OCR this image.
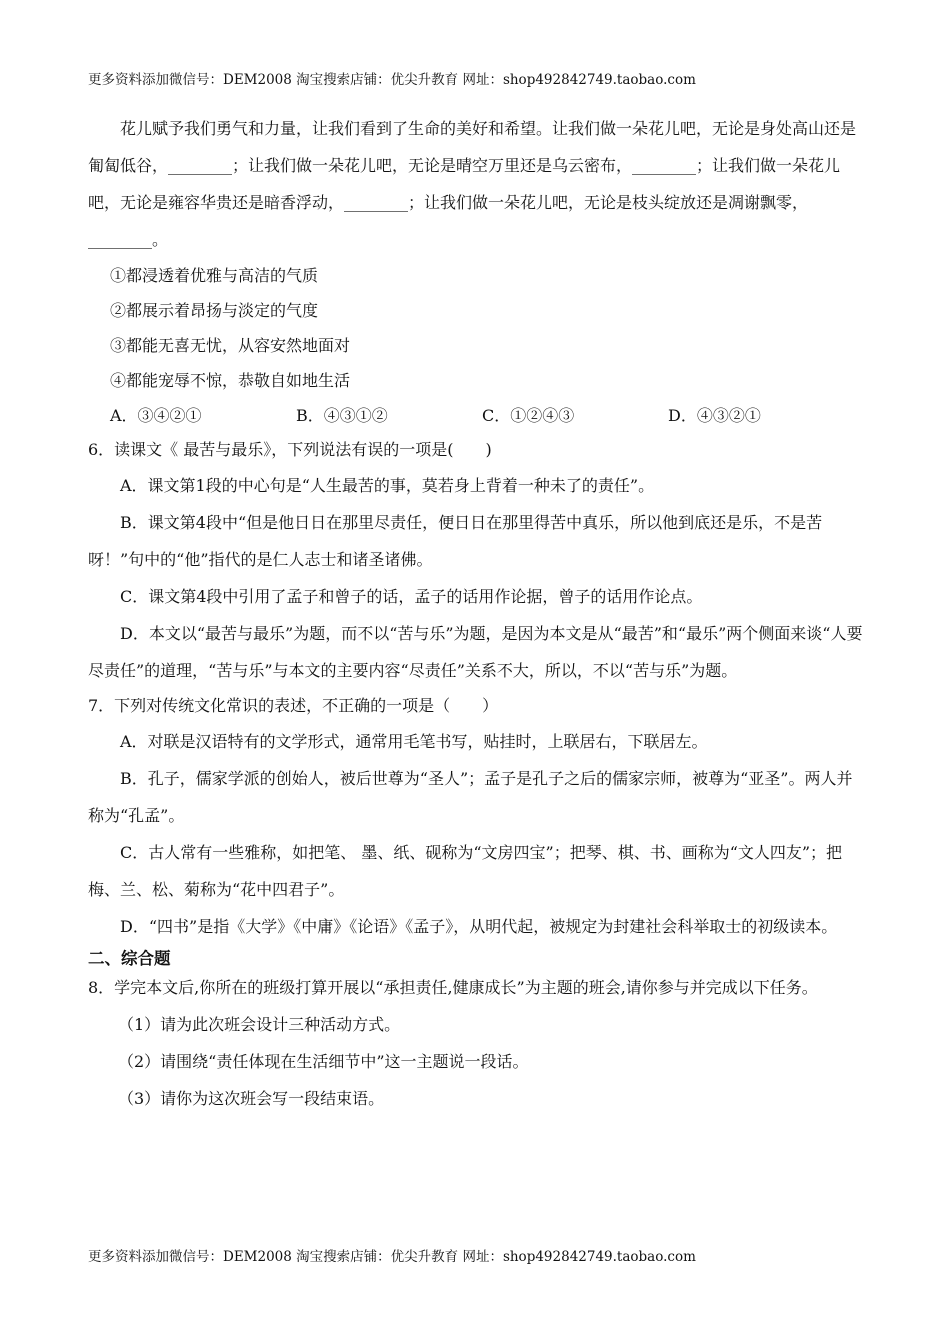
更多资料添加微信号：DEM2008 淘宝搜索店铺：优尖升教育 网址：shop492842749.taobao.com

花儿赋予我们勇气和力量，让我们看到了生命的美好和希望。让我们做一朵花儿吧，无论是身处高山还是匍匐低谷，________；让我们做一朵花儿吧，无论是晴空万里还是乌云密布，________；让我们做一朵花儿吧，无论是雍容华贵还是暗香浮动，________；让我们做一朵花儿吧，无论是枝头绽放还是凋谢飘零，________。

①都浸透着优雅与高洁的气质

②都展示着昂扬与淡定的气度

③都能无喜无忧，从容安然地面对

④都能宠辱不惊，恭敬自如地生活

A．③④②①	B．④③①②	C．①②④③	D．④③②①

6．读课文《 最苦与最乐》，下列说法有误的一项是(　　)

A．课文第1段的中心句是“人生最苦的事，莫若身上背着一种未了的责任”。

B．课文第4段中“但是他日日在那里尽责任，便日日在那里得苦中真乐，所以他到底还是乐，不是苦呀！”句中的“他”指代的是仁人志士和诸圣诸佛。

C．课文第4段中引用了孟子和曾子的话，孟子的话用作论据，曾子的话用作论点。

D．本文以“最苦与最乐”为题，而不以“苦与乐”为题，是因为本文是从“最苦”和“最乐”两个侧面来谈“人要尽责任”的道理，“苦与乐”与本文的主要内容“尽责任”关系不大，所以，不以“苦与乐”为题。

7．下列对传统文化常识的表述，不正确的一项是（　　）

A．对联是汉语特有的文学形式，通常用毛笔书写，贴挂时，上联居右，下联居左。

B．孔子，儒家学派的创始人，被后世尊为“圣人”；孟子是孔子之后的儒家宗师，被尊为“亚圣”。两人并称为“孔孟”。

C．古人常有一些雅称，如把笔、 墨、纸、砚称为“文房四宝”；把琴、棋、书、画称为“文人四友”；把梅、兰、松、菊称为“花中四君子”。

D．“四书”是指《大学》《中庸》《论语》《孟子》，从明代起，被规定为封建社会科举取士的初级读本。

二、综合题

8．学完本文后,你所在的班级打算开展以“承担责任,健康成长”为主题的班会,请你参与并完成以下任务。

（1）请为此次班会设计三种活动方式。

（2）请围绕“责任体现在生活细节中”这一主题说一段话。

（3）请你为这次班会写一段结束语。

更多资料添加微信号：DEM2008 淘宝搜索店铺：优尖升教育 网址：shop492842749.taobao.com
